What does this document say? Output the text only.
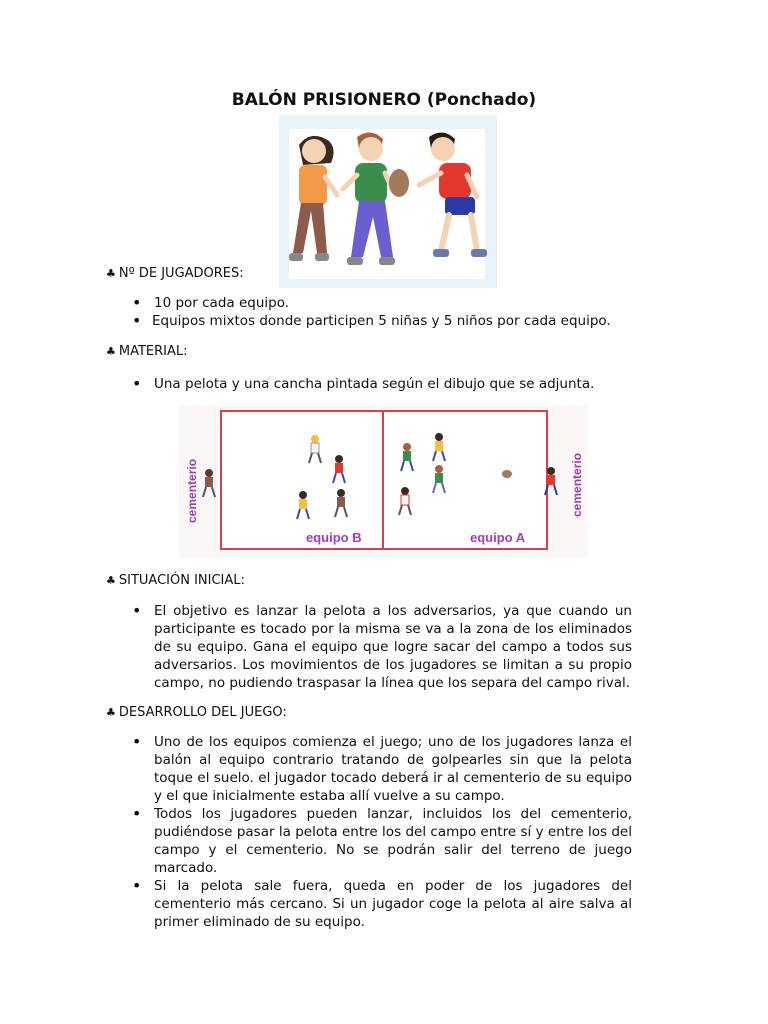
BALÓN PRISIONERO (Ponchado)
♣ Nº DE JUGADORES:
• 10 por cada equipo.
• Equipos mixtos donde participen 5 niñas y 5 niños por cada equipo.
♣ MATERIAL:
• Una pelota y una cancha pintada según el dibujo que se adjunta.
cementerio	cementerio
equipo B	equipo A
♣ SITUACIÓN INICIAL:
• El objetivo es lanzar la pelota a los adversarios, ya que cuando un participante es tocado por la misma se va a la zona de los eliminados de su equipo. Gana el equipo que logre sacar del campo a todos sus adversarios. Los movimientos de los jugadores se limitan a su propio campo, no pudiendo traspasar la línea que los separa del campo rival.
♣ DESARROLLO DEL JUEGO:
• Uno de los equipos comienza el juego; uno de los jugadores lanza el balón al equipo contrario tratando de golpearles sin que la pelota toque el suelo. el jugador tocado deberá ir al cementerio de su equipo y el que inicialmente estaba allí vuelve a su campo.
• Todos los jugadores pueden lanzar, incluidos los del cementerio, pudiéndose pasar la pelota entre los del campo entre sí y entre los del campo y el cementerio. No se podrán salir del terreno de juego marcado.
• Si la pelota sale fuera, queda en poder de los jugadores del cementerio más cercano. Si un jugador coge la pelota al aire salva al primer eliminado de su equipo.
